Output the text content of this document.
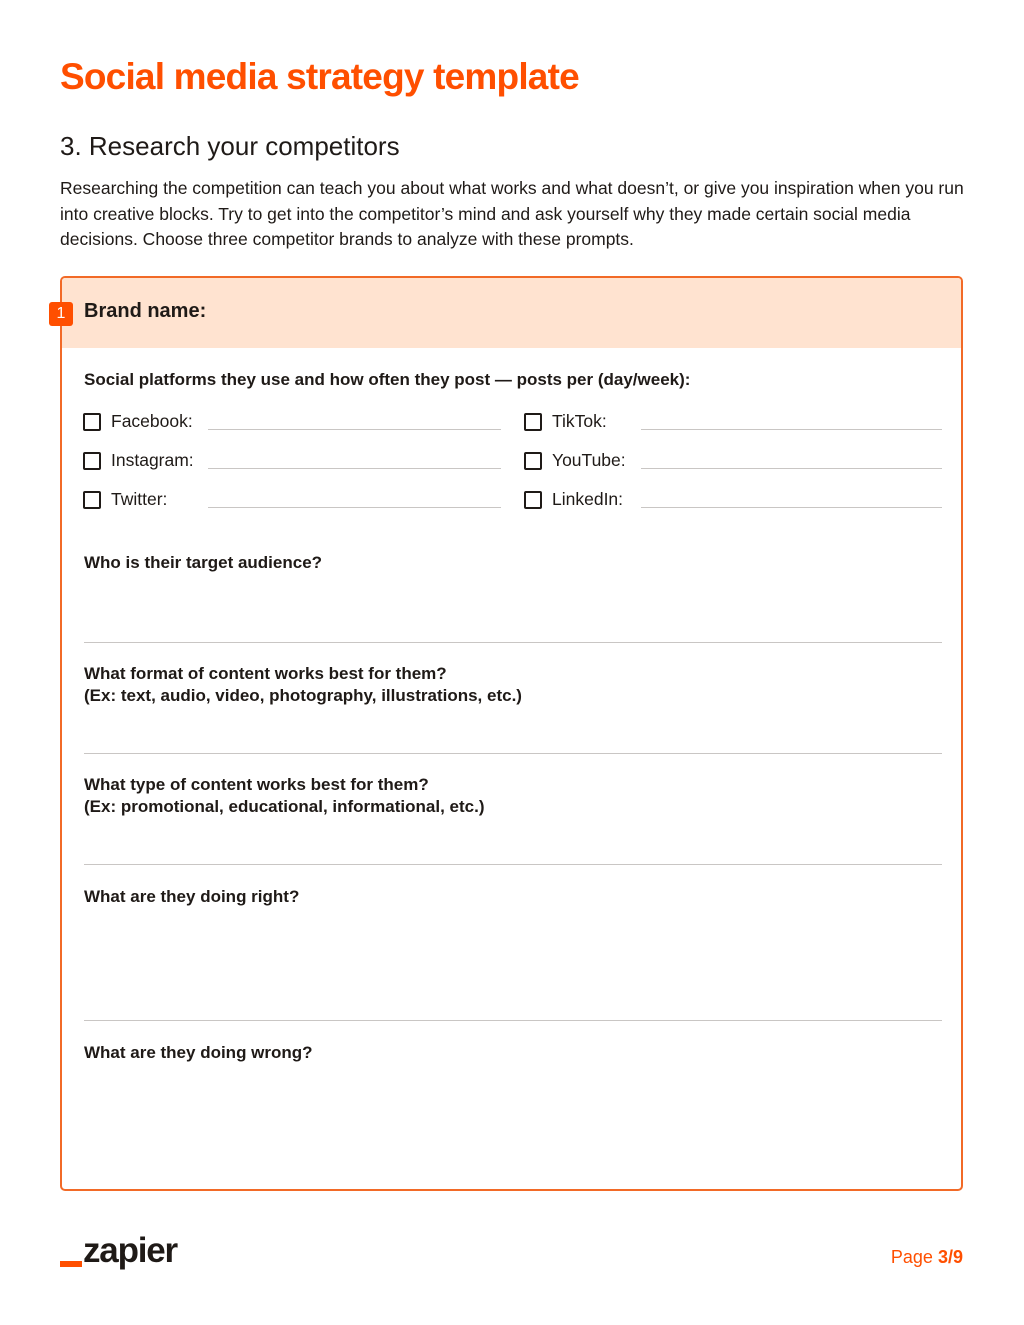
Social media strategy template
3. Research your competitors

Researching the competition can teach you about what works and what doesn’t, or give you inspiration when you run into creative blocks. Try to get into the competitor’s mind and ask yourself why they made certain social media decisions. Choose three competitor brands to analyze with these prompts.

1 Brand name:

Social platforms they use and how often they post — posts per (day/week):

Facebook:
Instagram:
Twitter:
TikTok:
YouTube:
LinkedIn:

Who is their target audience?

What format of content works best for them?
(Ex: text, audio, video, photography, illustrations, etc.)

What type of content works best for them?
(Ex: promotional, educational, informational, etc.)

What are they doing right?

What are they doing wrong?

zapier	Page 3/9
